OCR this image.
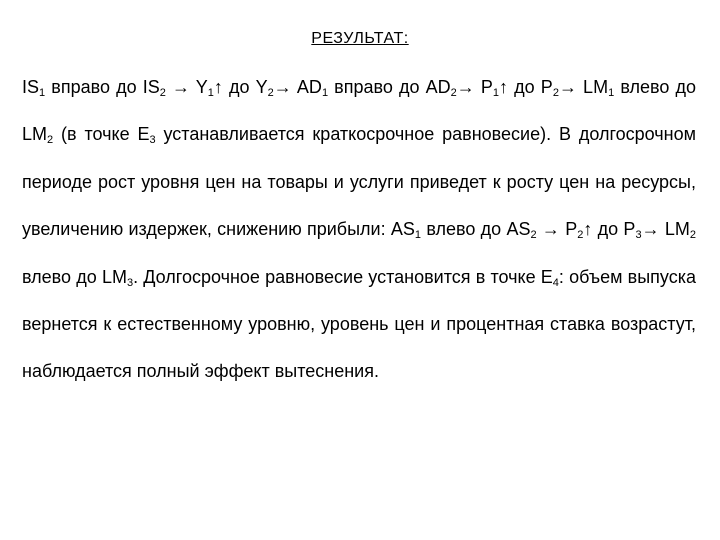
РЕЗУЛЬТАТ:
$IS_1$ вправо до $IS_2$ → $Y_1↑$ до $Y_2\to AD_1$ вправо до $AD_2\to$ $P_1↑$ до $P_2\to LM_1$ влево до $LM_2$ (в точке $E_3$ устанавливается краткосрочное равновесие). В долгосрочном периоде рост уровня цен на товары и услуги приведет к росту цен на ресурсы, увеличению издержек, снижению прибыли: $AS_1$ влево до $AS_2$ → $P_2↑$ до $P_3\to LM_2$ влево до $LM_3$. Долгосрочное равновесие установится в точке $E_4$: объем выпуска вернется к естественному уровню, уровень цен и процентная ставка возрастут, наблюдается полный эффект вытеснения.
